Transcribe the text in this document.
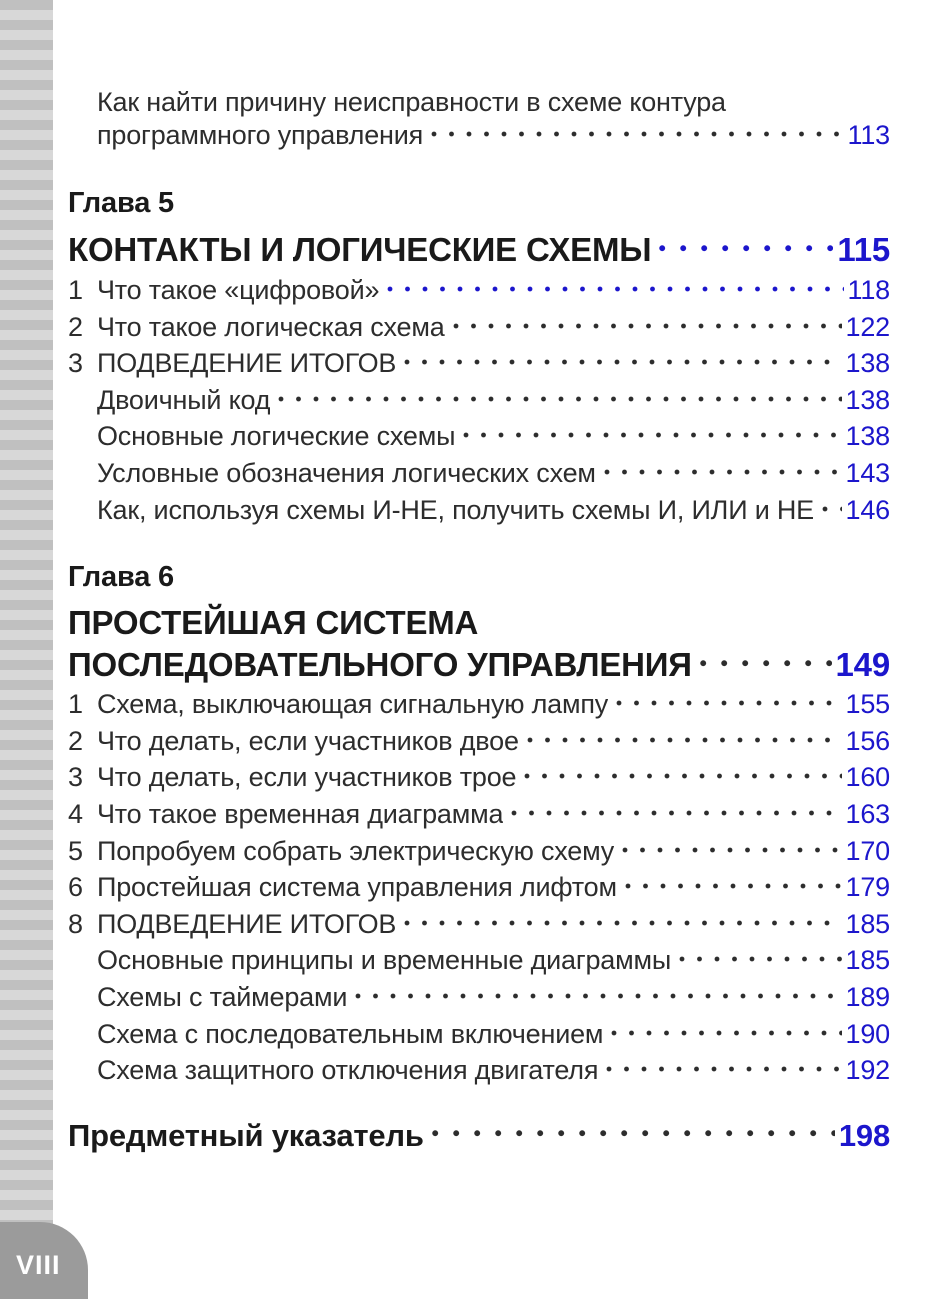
Как найти причину неисправности в схеме контура
программного управления	113
Глава 5
КОНТАКТЫ И ЛОГИЧЕСКИЕ СХЕМЫ	115
1 Что такое «цифровой»	118
2 Что такое логическая схема	122
3 ПОДВЕДЕНИЕ ИТОГОВ	138
Двоичный код	138
Основные логические схемы	138
Условные обозначения логических схем	143
Как, используя схемы И-НЕ, получить схемы И, ИЛИ и НЕ 146
Глава 6
ПРОСТЕЙШАЯ СИСТЕМА
ПОСЛЕДОВАТЕЛЬНОГО УПРАВЛЕНИЯ	149
1 Схема, выключающая сигнальную лампу	155
2 Что делать, если участников двое	156
3 Что делать, если участников трое	160
4 Что такое временная диаграмма	163
5 Попробуем собрать электрическую схему	170
6 Простейшая система управления лифтом	179
8 ПОДВЕДЕНИЕ ИТОГОВ	185
Основные принципы и временные диаграммы	185
Схемы с таймерами	189
Схема с последовательным включением	190
Схема защитного отключения двигателя	192
Предметный указатель	198
VIII
